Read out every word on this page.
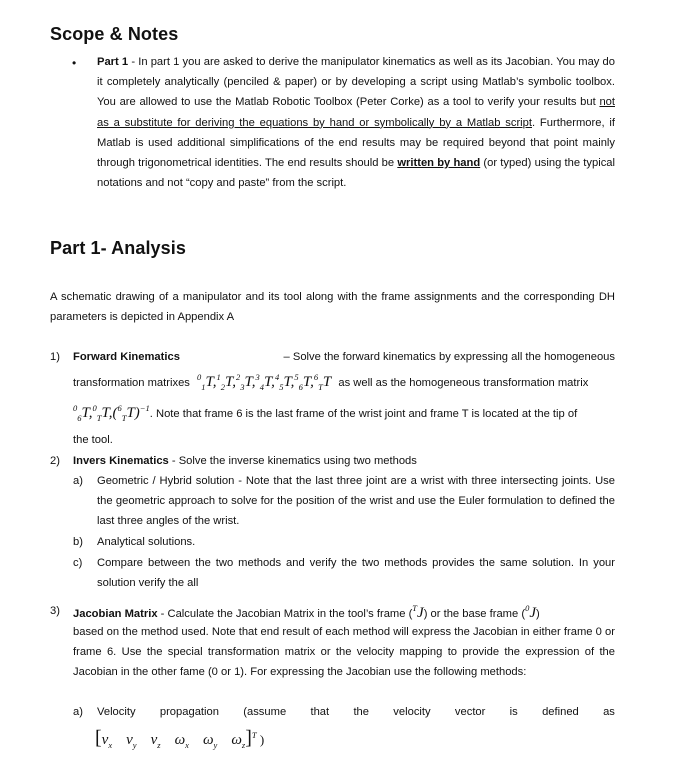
Scope & Notes
• Part 1 - In part 1 you are asked to derive the manipulator kinematics as well as its Jacobian. You may do it completely analytically (penciled & paper) or by developing a script using Matlab’s symbolic toolbox. You are allowed to use the Matlab Robotic Toolbox (Peter Corke) as a tool to verify your results but not as a substitute for deriving the equations by hand or symbolically by a Matlab script. Furthermore, if Matlab is used additional simplifications of the end results may be required beyond that point mainly through trigonometrical identities. The end results should be written by hand (or typed) using the typical notations and not “copy and paste” from the script.

Part 1- Analysis

A schematic drawing of a manipulator and its tool along with the frame assignments and the corresponding DH parameters is depicted in Appendix A

1) Forward Kinematics	– Solve the forward kinematics by expressing all the homogeneous
transformation matrixes $^0_1$T,$^1_2$T,$^2_3$T,$^3_4$T,$^4_5$T,$^5_6$T,$^6_T$T as well as the homogeneous transformation matrix
$^0_6T,^0_TT,(^6_TT)^{-1}$. Note that frame 6 is the last frame of the wrist joint and frame T is located at the tip of
the tool.
2) Invers Kinematics - Solve the inverse kinematics using two methods
a) Geometric / Hybrid solution - Note that the last three joint are a wrist with three intersecting joints. Use the geometric approach to solve for the position of the wrist and use the Euler formulation to defined the last three angles of the wrist.

b) Analytical solutions.
c) Compare between the two methods and verify the two methods provides the same solution. In your solution verify the all

3) Jacobian Matrix - Calculate the Jacobian Matrix in the tool’s frame ($^T$J) or the base frame ($^0$J)

based on the method used. Note that end result of each method will express the Jacobian in either frame 0 or frame 6. Use the special transformation matrix or the velocity mapping to provide the expression of the Jacobian in the other fame (0 or 1). For expressing the Jacobian use the following methods:

a) Velocity propagation (assume that the velocity vector is defined as
[$v_x$ $v_y$ $v_z$ $\omega_x$ $\omega_y$ $\omega_z]^T$ )
